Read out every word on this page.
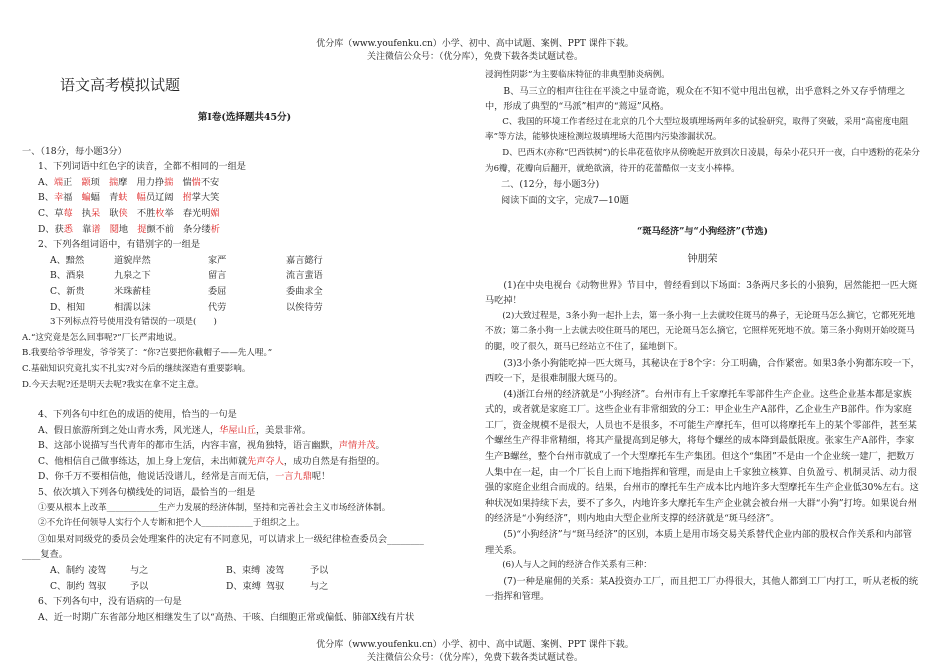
优分库（www.youfenku.cn）小学、初中、高中试题、案例、PPT 课件下载。
关注微信公众号：（优分库），免费下载各类试题试卷。
语文高考模拟试题
第Ⅰ卷(选择题共45分)
一、（18分，每小题3分）
1、下列词语中红色字的读音，全都不相同的一组是
A、端正　颛顼　揣摩　用力挣揣　惴惴不安
B、幸福　蝙蝠　青蚨　 幅员辽阔　拊掌大笑
C、草莓　执呆　耿侠　不胜枚举　春光明媚
D、获悉　 靠谱　 鬩地　提颤不前　条分缕析
2、下列各组词语中，有错别字的一组是
A、黯然	道貌岸然	家严	嘉言懿行
B、酒泉	九泉之下	留言	流言蜚语
C、新贵	米珠薪桂	委屈	委曲求全
D、相知	相濡以沫	代劳	以俟待劳
3下列标点符号使用没有错误的一项是(　　)
A.“这究竟是怎么回事呢?”厂长严肃地说。
B.我要给爷爷理发，爷爷笑了：“你?岂要把你截帽子——先人哩。”
C.基础知识究竟扎实不扎实?对今后的继续深造有重要影响。
D.今天去呢?还是明天去呢?我实在拿不定主意。
4、下列各句中红色的成语的使用，恰当的一句是
A、假日旅游所到之处山青水秀，风光迷人，华屋山丘，美景非常。
B、这部小说描写当代青年的都市生活，内容丰富，视角独特，语言幽默，声情并茂。
C、他相信自己做事练达，加上身上宠信，未出师就先声夺人，成功自然是有指望的。
D、你千万不要相信他，他说话没谱儿，经常是言而无信，一言九鼎呢！
5、依次填入下列各句横线处的词语，最恰当的一组是
①要从根本上改革____________生产力发展的经济体制，坚持和完善社会主义市场经济体制。
②不允许任何领导人实行个人专断和把个人____________于组织之上。
③如果对同级党的委员会处理案件的决定有不同意见，可以请求上一级纪律检查委员会________
____复查。
A、制约 凌驾	与之	B、束缚 凌驾	予以
C、制约 驾驭	予以	D、束缚 驾驭	与之
6、下列各句中，没有语病的一句是
A、近一时期广东省部分地区相继发生了以“高热、干咳、白细胞正常或偏低、肺部X线有片状
浸润性阴影”为主要临床特征的非典型肺炎病例。
B、马三立的相声往往在平淡之中显奇诡，观众在不知不觉中甩出包袱，出乎意料之外又存乎情理之中，形成了典型的“马派”相声的“蔫逗”风格。
C、我国的环境工作者经过在北京的几个大型垃圾填埋场两年多的试验研究，取得了突破，采用“高密度电阻率”等方法，能够快速检测垃圾填埋场大范围内污染渗漏状况。
D、巴西木(亦称“巴西铁树”)的长串花苞依序从傍晚起开放到次日凌晨，每朵小花只开一夜，白中透粉的花朵分为6瓣，花瓣向后翻开，就绝欲滴，待开的花蕾酷似一支支小棒棒。
二、(12分，每小题3分)
阅读下面的文字，完成7—10题
“斑马经济”与“小狗经济”(节选)
钟朋荣
(1)在中央电视台《动物世界》节目中，曾经看到以下场面：3条两尺多长的小狼狗，居然能把一匹大斑马吃掉！
(2)大致过程是，3条小狗一起扑上去，第一条小狗一上去就咬住斑马的鼻子，无论斑马怎么摘它，它都死死地不放；第二条小狗一上去就去咬住斑马的尾巴，无论斑马怎么摘它，它照样死死地不放。第三条小狗则开始咬斑马的腿，咬了很久，斑马已经站立不住了，猛地倒下。
(3)3小条小狗能吃掉一匹大斑马，其秘诀在于8个字：分工明确，合作紧密。如果3条小狗都东咬一下，西咬一下，是很难制服大斑马的。
(4)浙江台州的经济就是“小狗经济”。台州市有上千家摩托车零部件生产企业。这些企业基本都是家族式的，或者就是家庭工厂。这些企业有非常细致的分工：甲企业生产A部件，乙企业生产B部件。作为家庭工厂，资金规模不是很大，人员也不是很多，不可能生产摩托车，但可以将摩托车上的某个零部件，甚至某个螺丝生产得非常精细，将其产量提高到足够大，将每个螺丝的成本降到最低限度。张家生产A部件，李家生产B螺丝，整个台州市就成了一个大型摩托车生产集团。但这个“集团”不是由一个企业统一建厂，把数万人集中在一起，由一个厂长自上而下地指挥和管理，而是由上千家独立核算、自负盈亏、机制灵活、动力很强的家庭企业组合而成的。结果，台州市的摩托车生产成本比内地许多大型摩托车生产企业低30%左右。这种状况如果持续下去，要不了多久，内地许多大摩托车生产企业就会被台州一大群“小狗”打垮。如果说台州的经济是“小狗经济”，则内地由大型企业所支撑的经济就是“斑马经济”。
(5)“小狗经济”与“斑马经济”的区别，本质上是用市场交易关系替代企业内部的股权合作关系和内部管理关系。
(6)人与人之间的经济合作关系有三种：
(7)一种是雇佣的关系：某A投资办工厂，而且把工厂办得很大，其他人都到工厂内打工，听从老板的统一指挥和管理。
优分库（www.youfenku.cn）小学、初中、高中试题、案例、PPT 课件下载。
关注微信公众号：（优分库），免费下载各类试题试卷。
